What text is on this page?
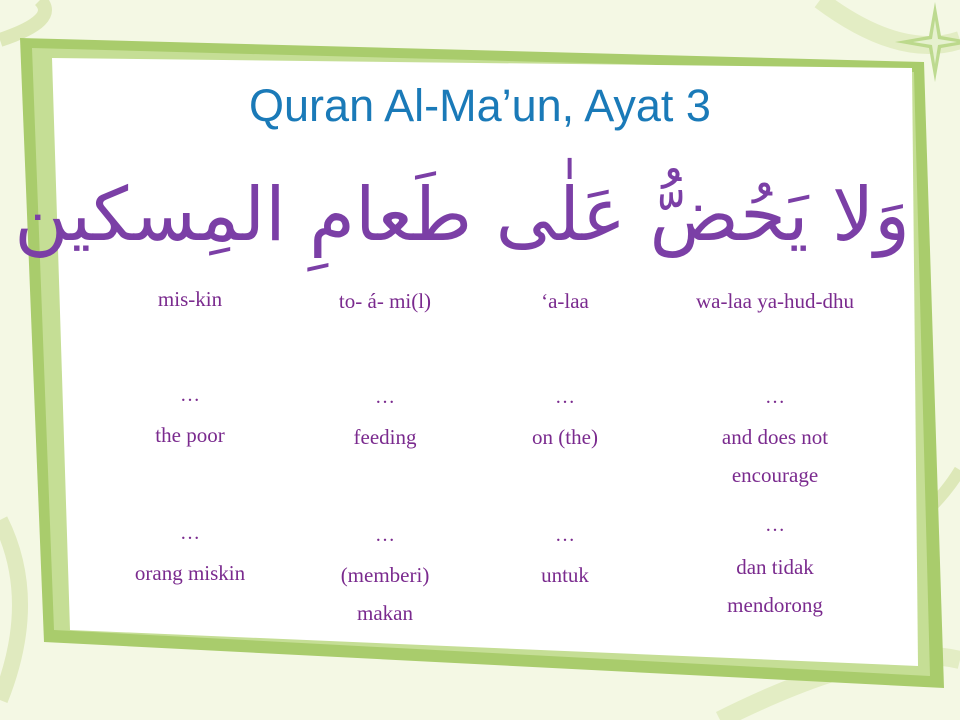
Quran Al-Ma’un, Ayat 3
وَلا يَحُضُّ عَلٰى طَعامِ المِسكين
wa-laa ya-hud-dhu
…
and does not encourage
…
dan tidak mendorong
‘a-laa
…
on (the)
…
untuk
to- á- mi(l)
…
feeding
…
(memberi) makan
mis-kin
…
the poor
…
orang miskin
